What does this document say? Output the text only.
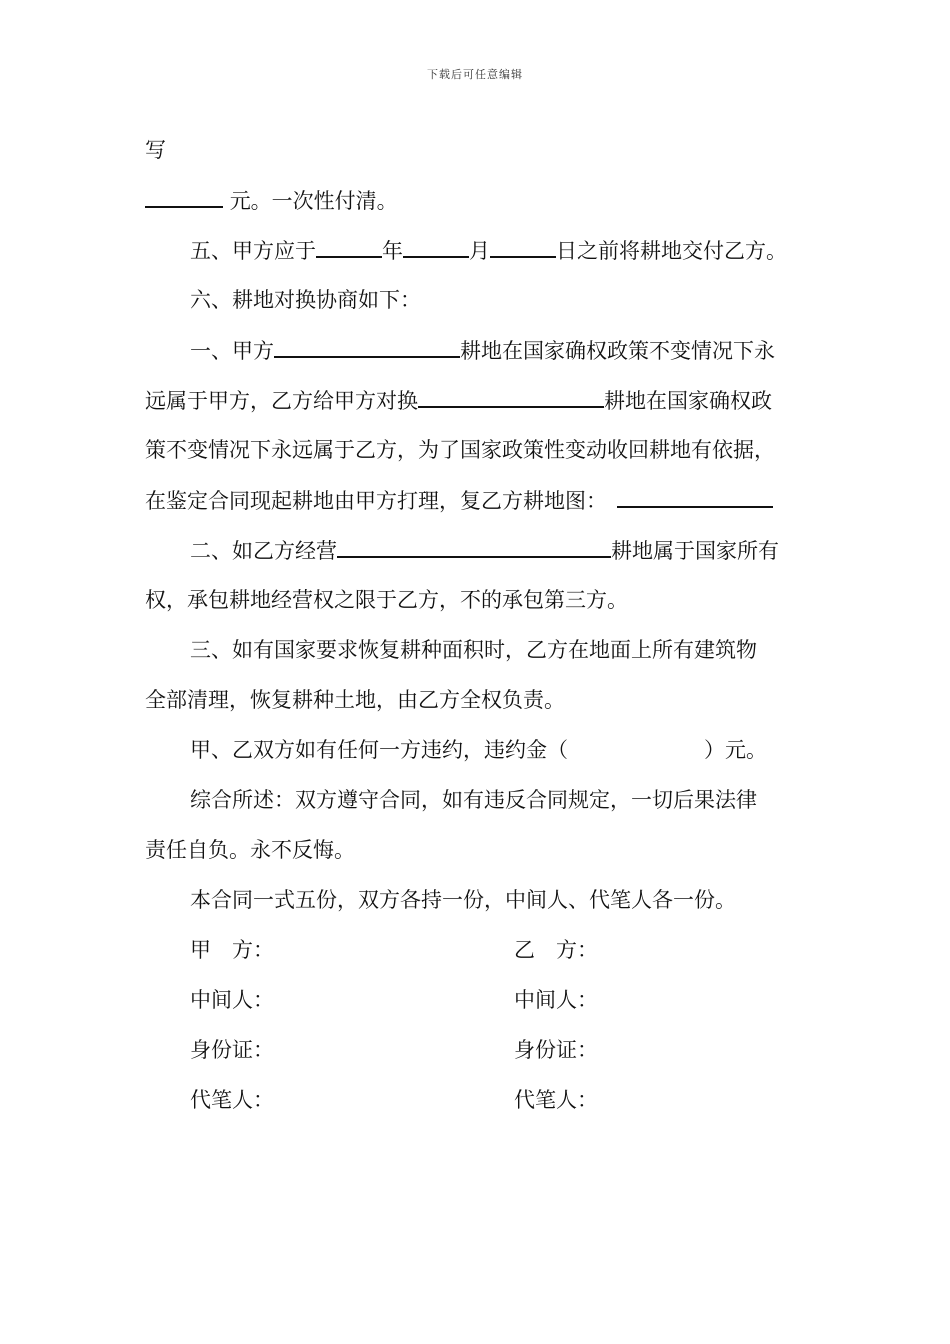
下载后可任意编辑
写
元。一次性付清。
五、甲方应于	年	月	日之前将耕地交付乙方。
六、耕地对换协商如下：
一、甲方	耕地在国家确权政策不变情况下永
远属于甲方，乙方给甲方对换	耕地在国家确权政
策不变情况下永远属于乙方，为了国家政策性变动收回耕地有依据，
在鉴定合同现起耕地由甲方打理，复乙方耕地图：
二、如乙方经营	耕地属于国家所有
权，承包耕地经营权之限于乙方，不的承包第三方。
三、如有国家要求恢复耕种面积时，乙方在地面上所有建筑物
全部清理，恢复耕种土地，由乙方全权负责。
甲、乙双方如有任何一方违约，违约金（	）元。
综合所述：双方遵守合同，如有违反合同规定，一切后果法律
责任自负。永不反悔。
本合同一式五份，双方各持一份，中间人、代笔人各一份。
甲　方：	乙　方：
中间人：	中间人：
身份证：	身份证：
代笔人：	代笔人：
